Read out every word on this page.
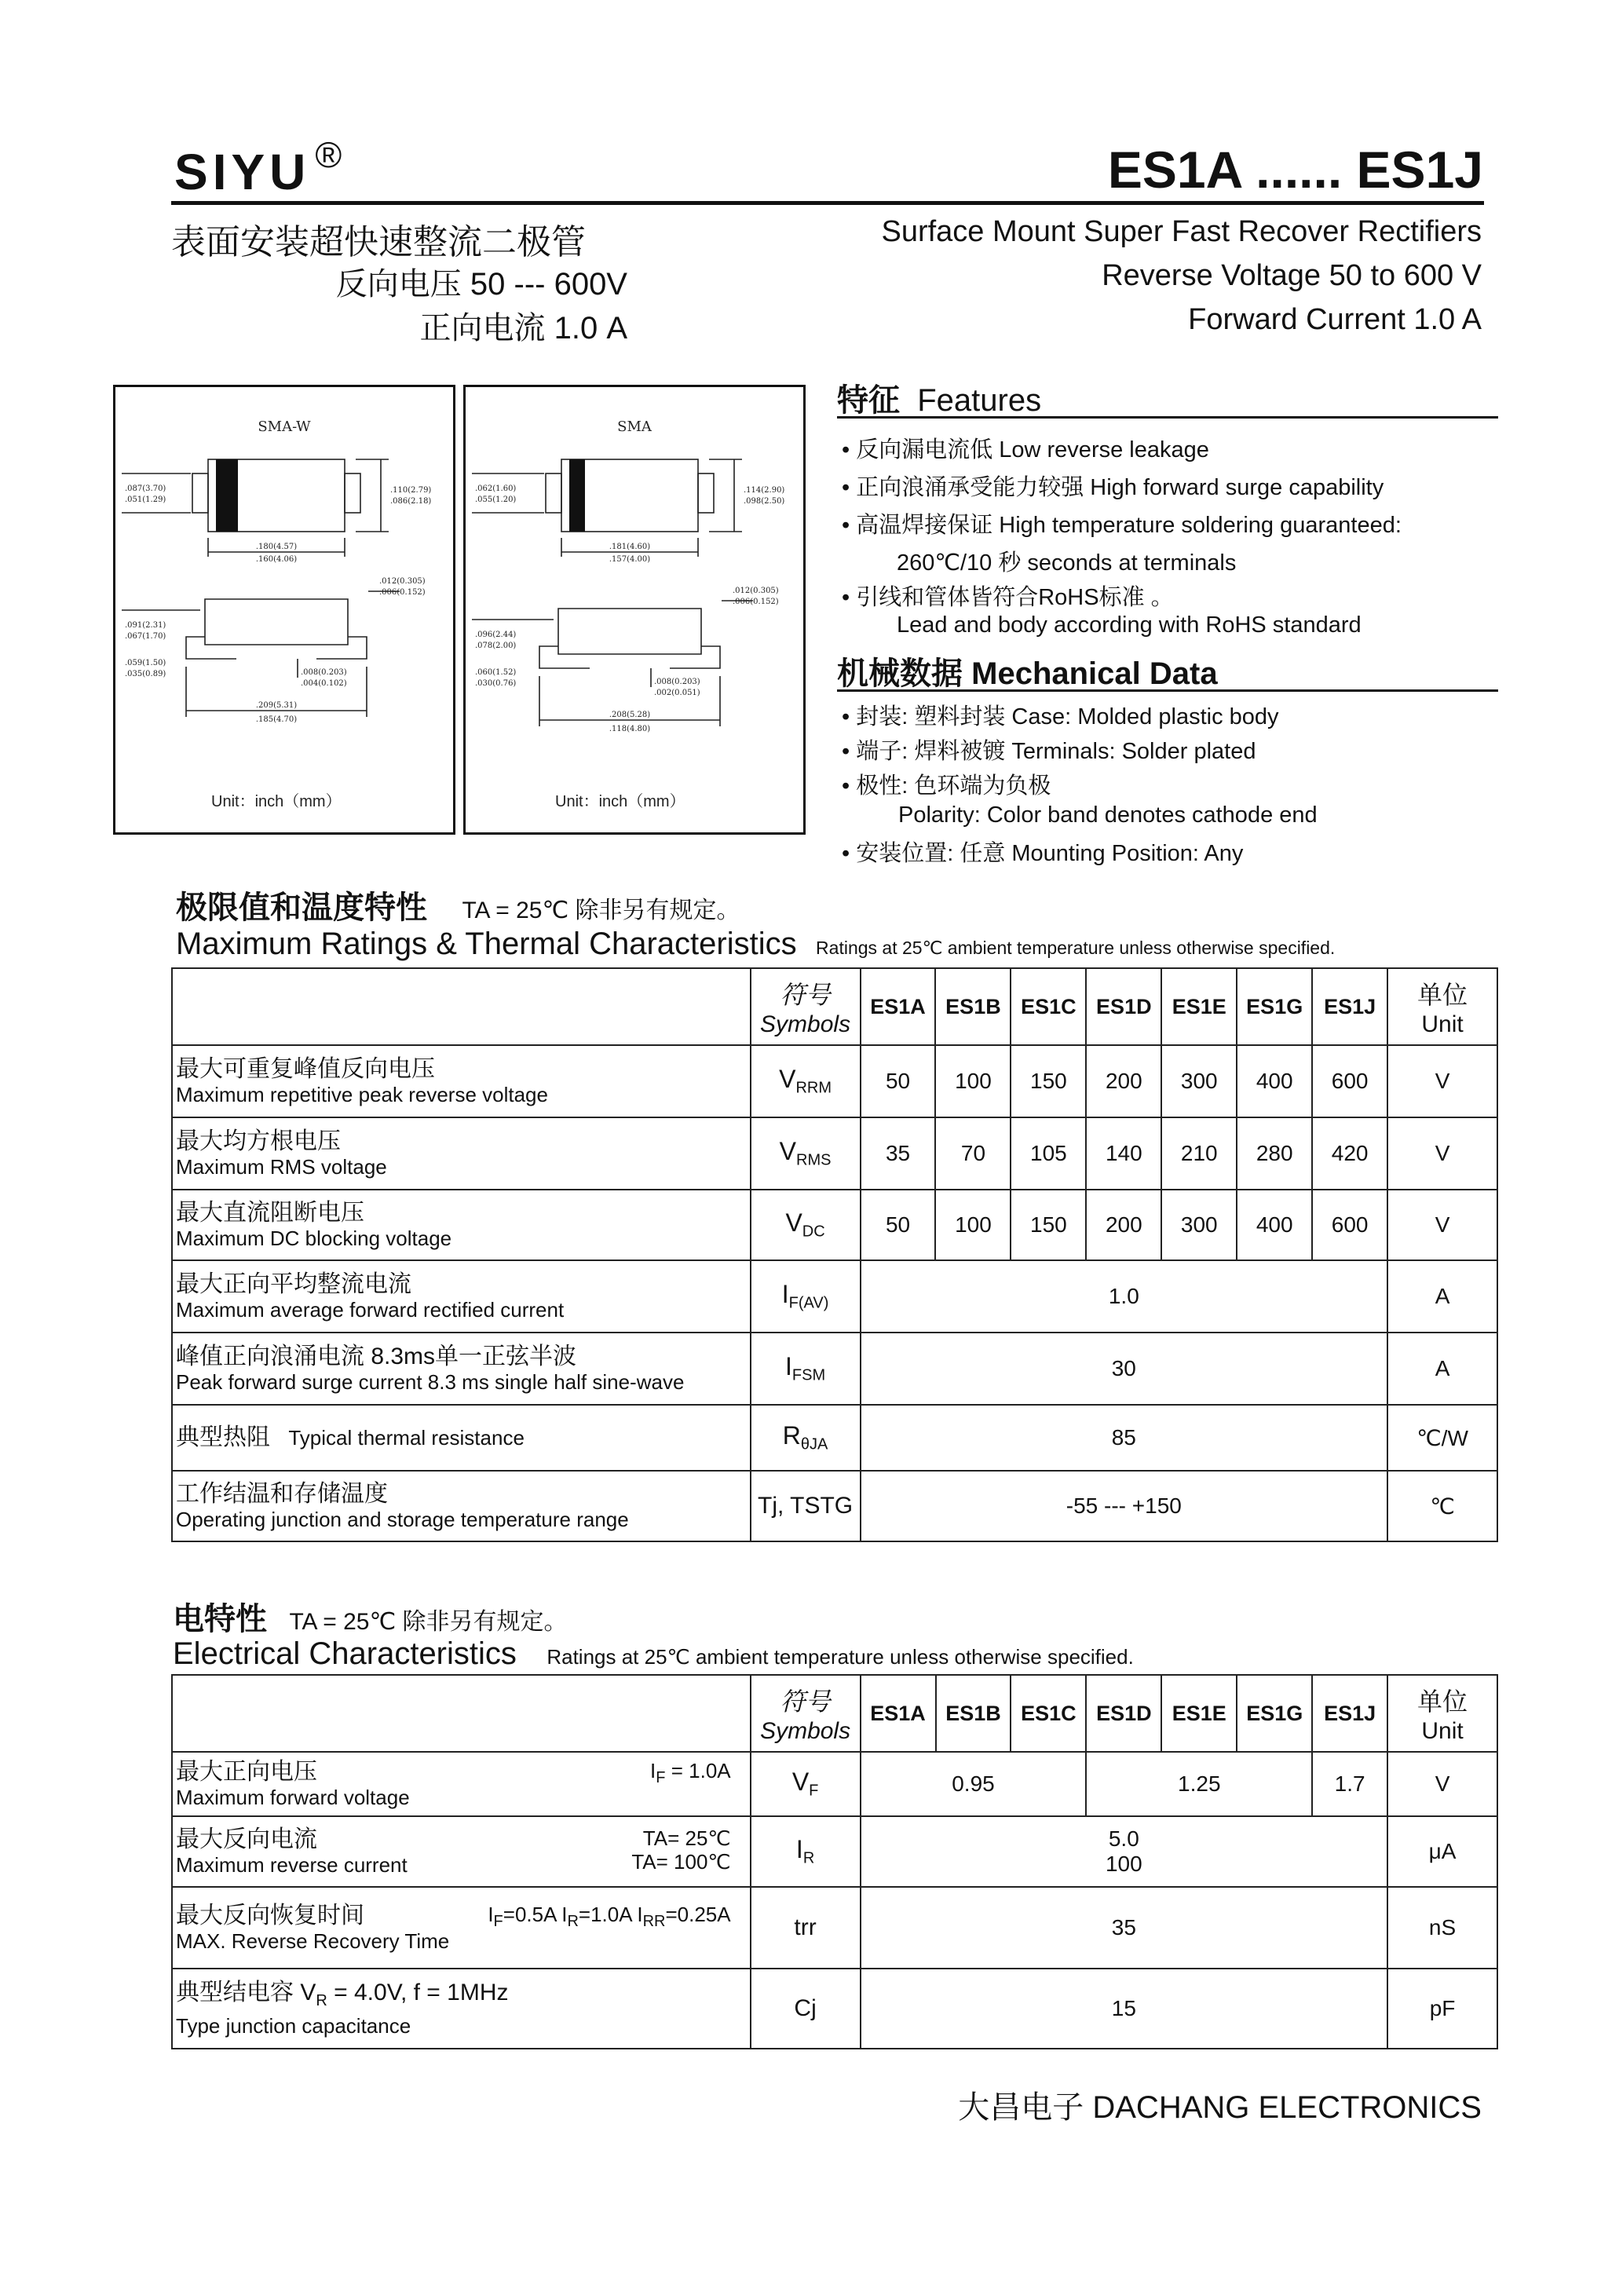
SIYU ®	ES1A ...... ES1J
表面安装超快速整流二极管
反向电压 50 --- 600V
正向电流 1.0 A
Surface Mount Super Fast Recover Rectifiers
Reverse Voltage 50 to 600 V
Forward Current 1.0 A
SMA-W
.110(2.79)
.086(2.18)
.087(3.70)
.051(1.29)
.180(4.57)
.160(4.06)
.012(0.305)
.006(0.152)
.091(2.31)
.067(1.70)
.059(1.50)
.035(0.89)	.008(0.203)
.004(0.102)
.209(5.31)
.185(4.70)
Unit：inch（mm）
SMA
.114(2.90)
.098(2.50)
.062(1.60)
.055(1.20)
.181(4.60)
.157(4.00)
.012(0.305)
.006(0.152)
.096(2.44)
.078(2.00)
.060(1.52)
.030(0.76)	.008(0.203)
.002(0.051)
.208(5.28)
.118(4.80)
Unit：inch（mm）
特征 Features
• 反向漏电流低 Low reverse leakage
• 正向浪涌承受能力较强 High forward surge capability
• 高温焊接保证 High temperature soldering guaranteed:
260℃/10 秒 seconds at terminals
• 引线和管体皆符合RoHS标准 。
Lead and body according with RoHS standard
机械数据 Mechanical Data
• 封装: 塑料封装 Case: Molded plastic body
• 端子: 焊料被镀 Terminals: Solder plated
• 极性: 色环端为负极
Polarity: Color band denotes cathode end
• 安装位置: 任意 Mounting Position: Any
极限值和温度特性 TA = 25℃ 除非另有规定。
Maximum Ratings & Thermal Characteristics Ratings at 25℃ ambient temperature unless otherwise specified.

	符号
Symbols	ES1A	ES1B	ES1C	ES1D	ES1E	ES1G	ES1J	单位
Unit

最大可重复峰值反向电压
Maximum repetitive peak reverse voltage	$V_{RRM}$	50	100	150	200	300	400	600	V

最大均方根电压
Maximum RMS voltage	$V_{RMS}$	35	70	105	140	210	280	420	V

最大直流阻断电压
Maximum DC blocking voltage	$V_{DC}$	50	100	150	200	300	400	600	V

最大正向平均整流电流
Maximum average forward rectified current	$I_{F(AV)}$	1.0							A

峰值正向浪涌电流 8.3ms单一正弦半波
Peak forward surge current 8.3 ms single half sine-wave	$I_{FSM}$	30							A
典型热阻 Typical thermal resistance	$R_{\theta JA}$	85							℃/W

工作结温和存储温度
Operating junction and storage temperature range	Tj, TSTG	-55 --- +150							℃
电特性 TA = 25℃ 除非另有规定。
Electrical Characteristics Ratings at 25℃ ambient temperature unless otherwise specified.

	符号
Symbols	ES1A	ES1B	ES1C	ES1D	ES1E	ES1G	ES1J	单位
Unit

$I_F = 1.0A$
最大正向电压
Maximum forward voltage	$V_F$	0.95			1.25			1.7	V

TA= 25℃
TA= 100℃
最大反向电流
Maximum reverse current	$I_R$	5.0
100							μA

$I_F=0.5A$ $I_R=1.0A$ $I_{RR}=0.25A$
最大反向恢复时间
MAX. Reverse Recovery Time	trr	35							nS

典型结电容 $V_R = 4.0V$, f = 1MHz
Type junction capacitance	Cj	15							pF
大昌电子 DACHANG ELECTRONICS
